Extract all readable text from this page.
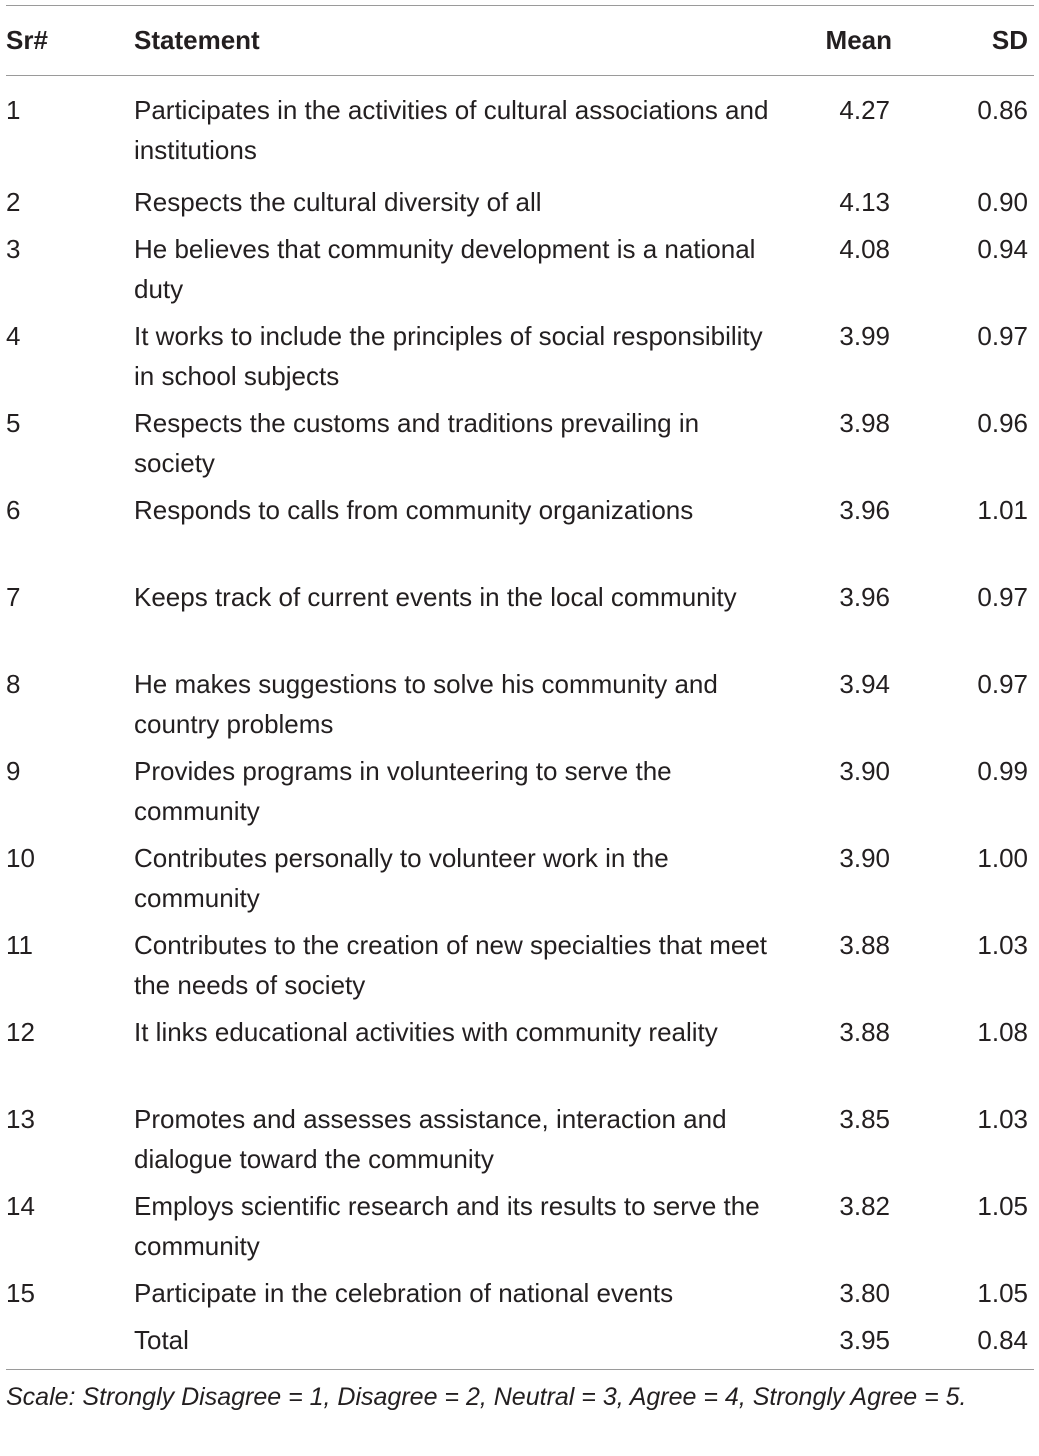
Sr#	Statement	Mean	SD
1	Participates in the activities of cultural associations and institutions	4.27	0.86
2	Respects the cultural diversity of all	4.13	0.90
3	He believes that community development is a national duty	4.08	0.94
4	It works to include the principles of social responsibility in school subjects	3.99	0.97
5	Respects the customs and traditions prevailing in society	3.98	0.96
6	Responds to calls from community organizations	3.96	1.01
7	Keeps track of current events in the local community	3.96	0.97
8	He makes suggestions to solve his community and country problems	3.94	0.97
9	Provides programs in volunteering to serve the community	3.90	0.99
10	Contributes personally to volunteer work in the community	3.90	1.00
11	Contributes to the creation of new specialties that meet the needs of society	3.88	1.03
12	It links educational activities with community reality	3.88	1.08
13	Promotes and assesses assistance, interaction and dialogue toward the community	3.85	1.03
14	Employs scientific research and its results to serve the community	3.82	1.05
15	Participate in the celebration of national events	3.80	1.05
	Total	3.95	0.84
Scale: Strongly Disagree = 1, Disagree = 2, Neutral = 3, Agree = 4, Strongly Agree = 5.
